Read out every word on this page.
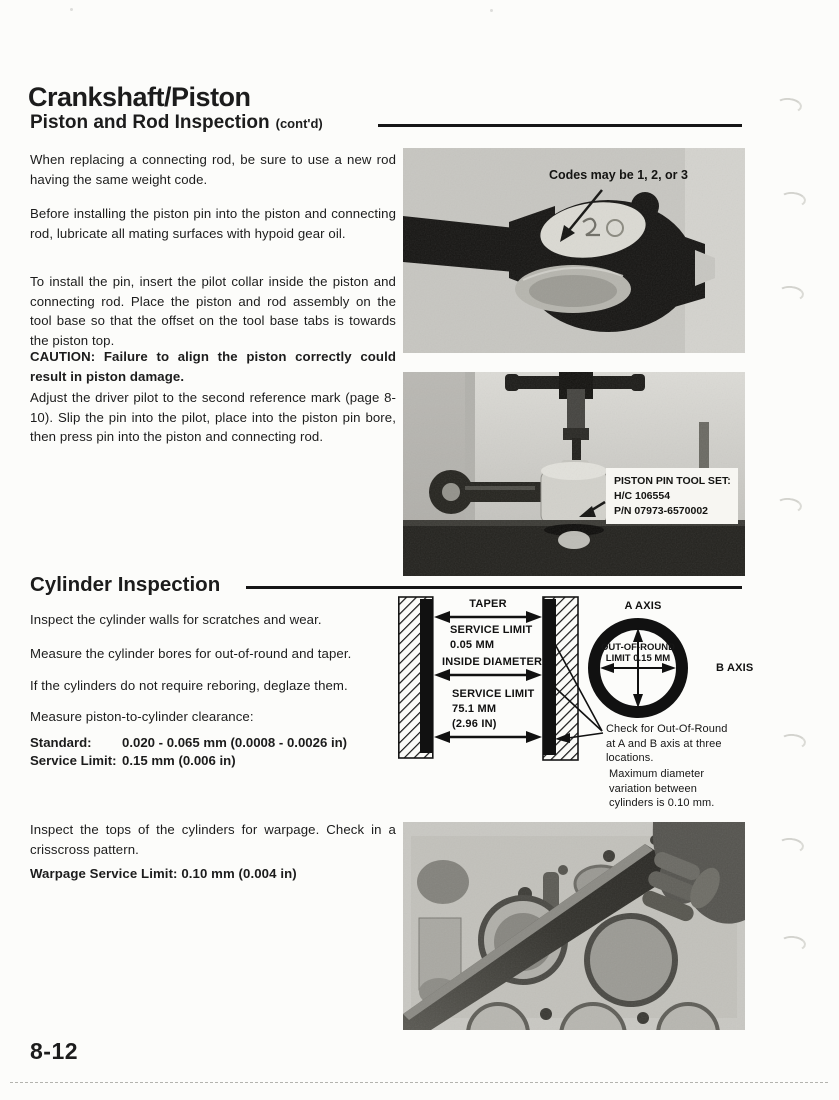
Crankshaft/Piston
Piston and Rod Inspection (cont'd)
When replacing a connecting rod, be sure to use a new rod having the same weight code.
Before installing the piston pin into the piston and connecting rod, lubricate all mating surfaces with hypoid gear oil.
To install the pin, insert the pilot collar inside the piston and connecting rod. Place the piston and rod assembly on the tool base so that the offset on the tool base tabs is towards the piston top.
CAUTION: Failure to align the piston correctly could result in piston damage.
Adjust the driver pilot to the second reference mark (page 8-10). Slip the pin into the pilot, place into the piston pin bore, then press pin into the piston and connecting rod.
Codes may be 1, 2, or 3
PISTON PIN TOOL SET:
H/C 106554
P/N 07973-6570002
Cylinder Inspection
Inspect the cylinder walls for scratches and wear.
Measure the cylinder bores for out-of-round and taper.
If the cylinders do not require reboring, deglaze them.
Measure piston-to-cylinder clearance:
Standard:	0.020 - 0.065 mm (0.0008 - 0.0026 in)
Service Limit: 0.15 mm (0.006 in)
TAPER
SERVICE LIMIT
0.05 MM
INSIDE DIAMETER
SERVICE LIMIT
75.1 MM
(2.96 IN)
A AXIS
B AXIS
OUT-OF-ROUND
LIMIT 0.15 MM
Check for Out-Of-Round at A and B axis at three locations.
Maximum diameter variation between cylinders is 0.10 mm.
Inspect the tops of the cylinders for warpage. Check in a crisscross pattern.
Warpage Service Limit: 0.10 mm (0.004 in)
8-12
